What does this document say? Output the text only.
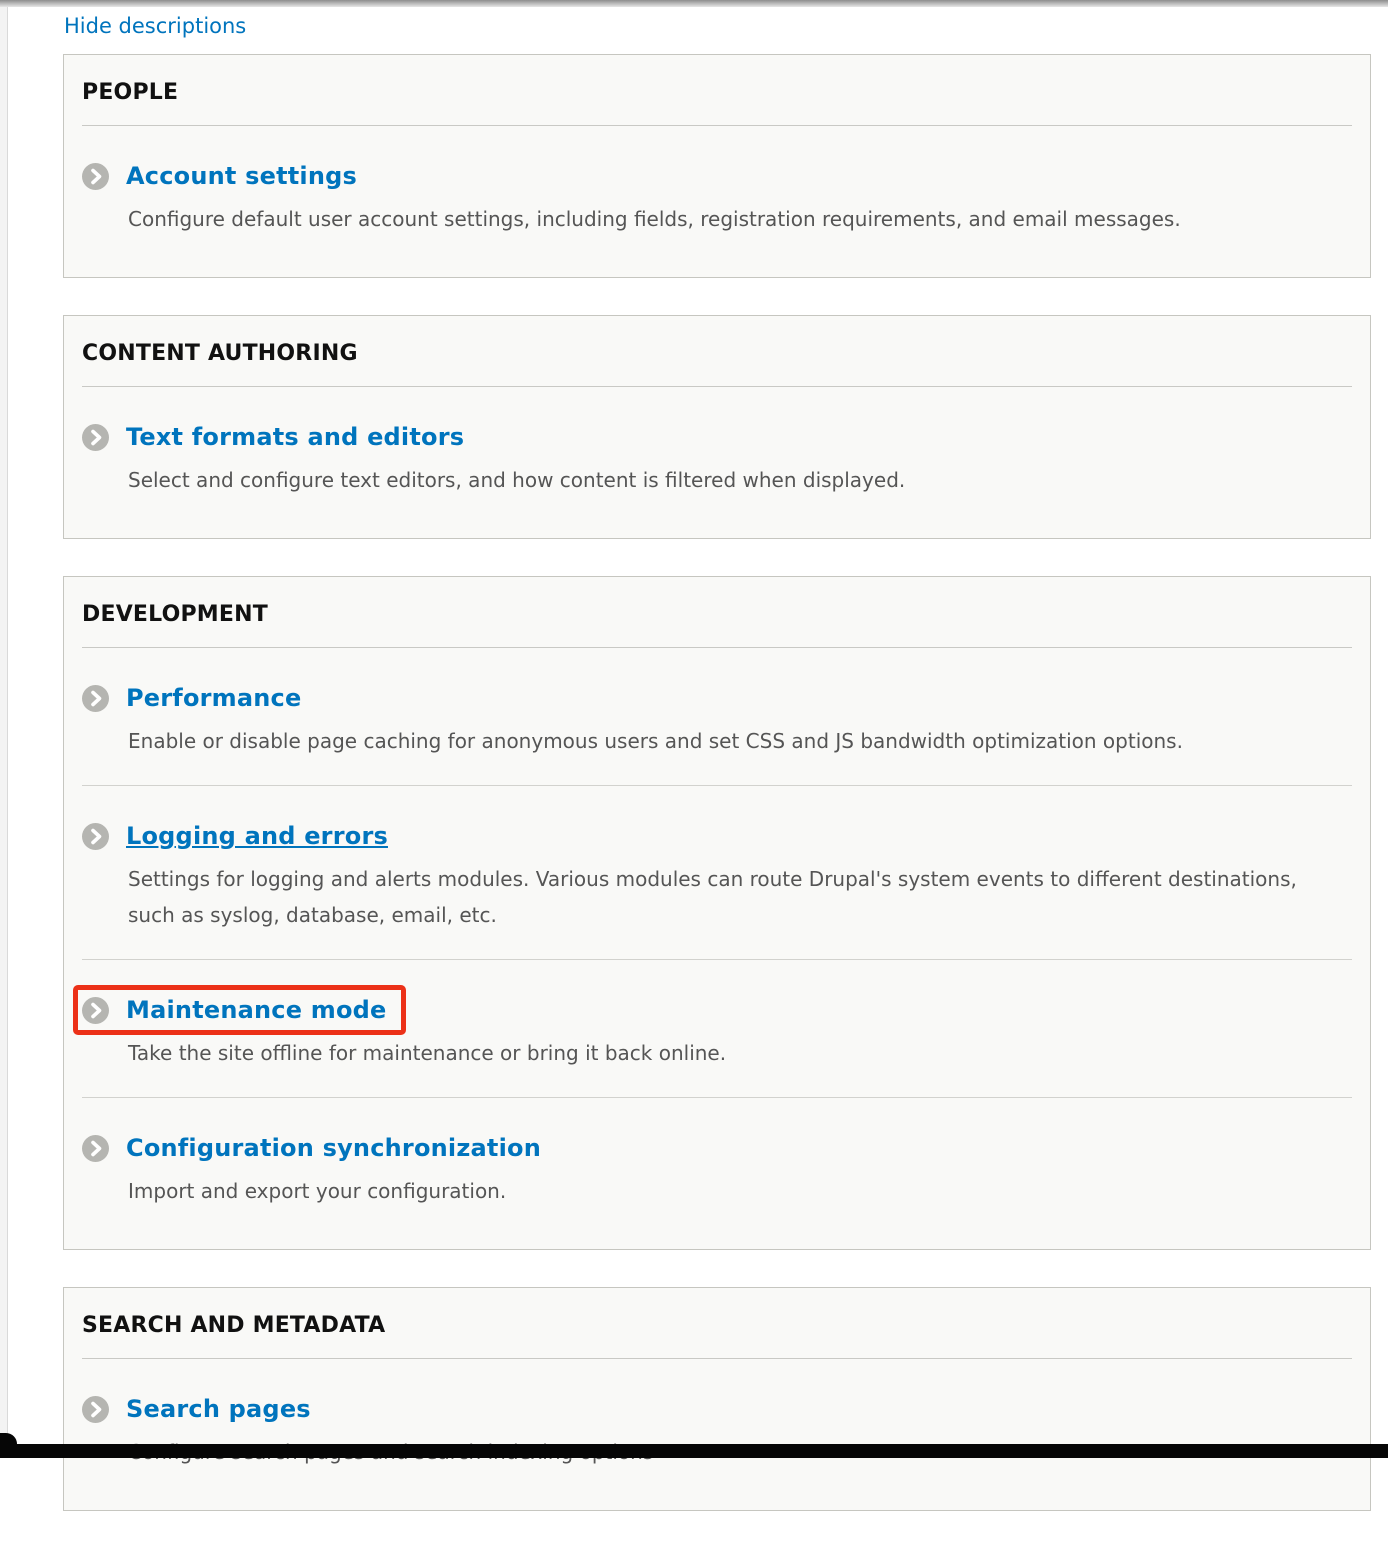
Hide descriptions
PEOPLE
Account settings
Configure default user account settings, including fields, registration requirements, and email messages.
CONTENT AUTHORING
Text formats and editors
Select and configure text editors, and how content is filtered when displayed.
DEVELOPMENT
Performance
Enable or disable page caching for anonymous users and set CSS and JS bandwidth optimization options.
Logging and errors
Settings for logging and alerts modules. Various modules can route Drupal's system events to different destinations, such as syslog, database, email, etc.
Maintenance mode
Take the site offline for maintenance or bring it back online.
Configuration synchronization
Import and export your configuration.
SEARCH AND METADATA
Search pages
